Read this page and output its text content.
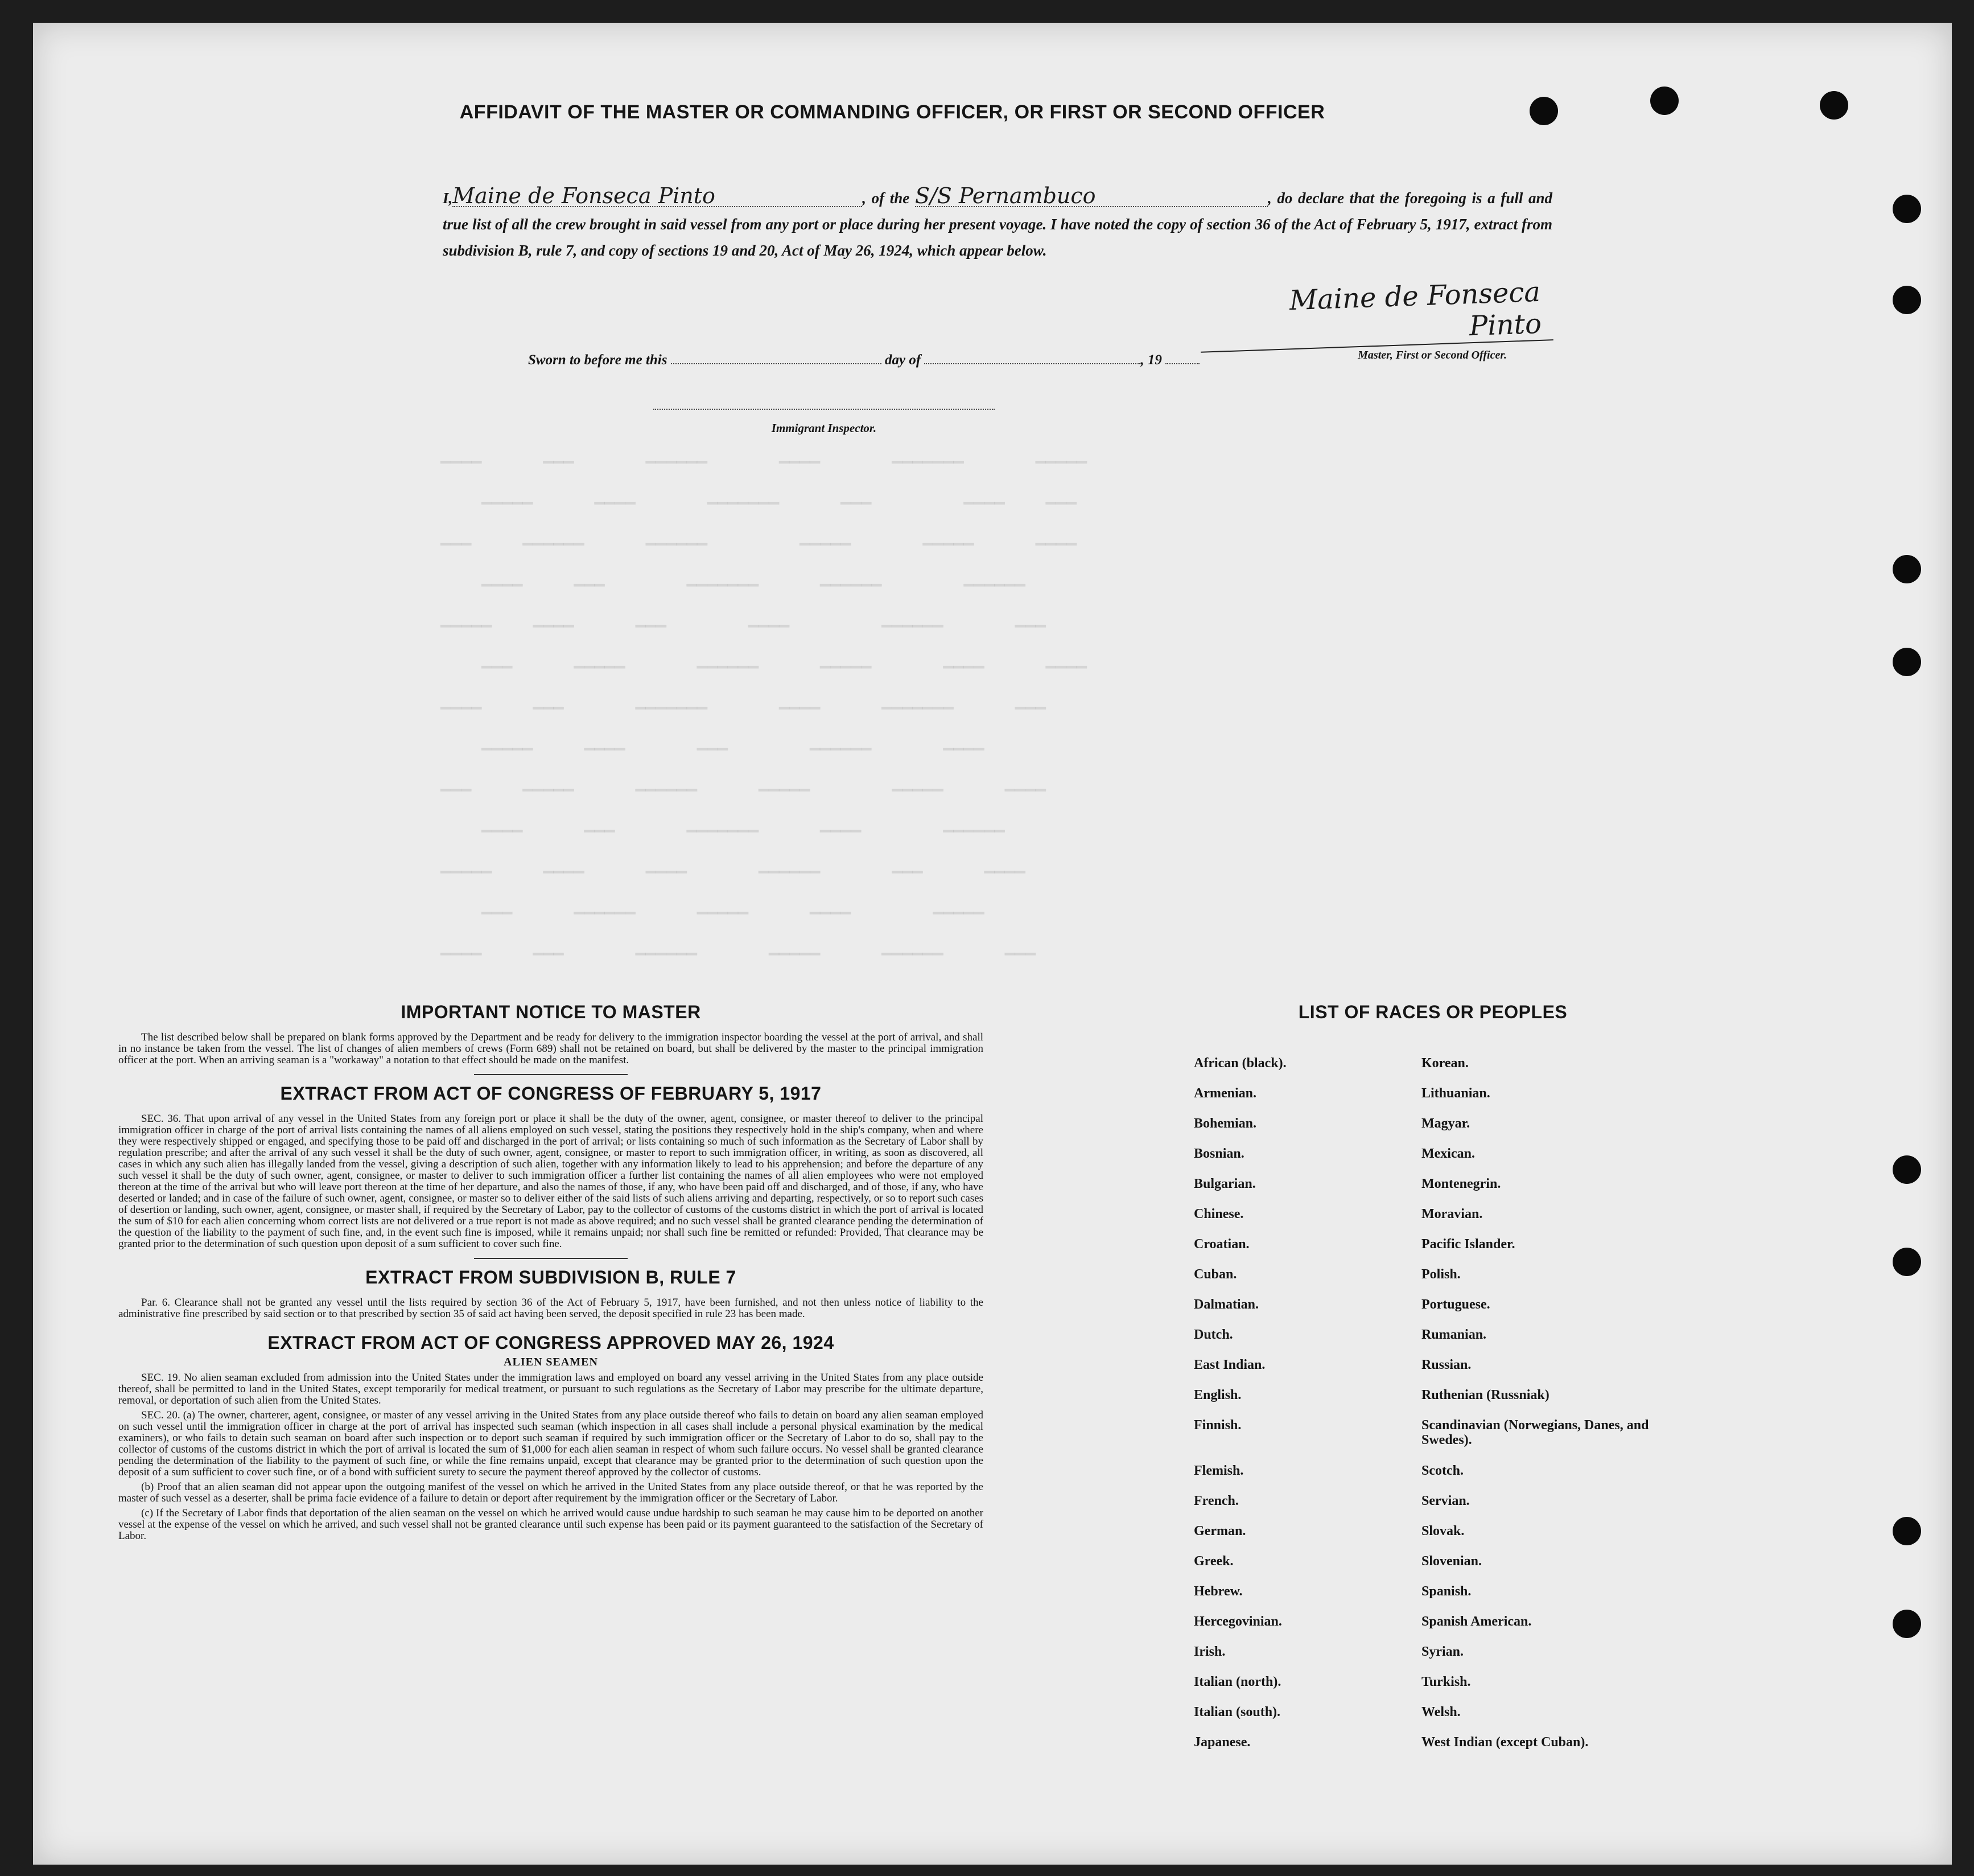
AFFIDAVIT OF THE MASTER OR COMMANDING OFFICER, OR FIRST OR SECOND OFFICER
I,Maine de Fonseca Pinto	, of the S/S Pernambuco	, do declare that the foregoing is a full and true list of all the crew brought in said vessel from any port or place during her present voyage. I have noted the copy of section 36 of the Act of February 5, 1917, extract from subdivision B, rule 7, and copy of sections 19 and 20, Act of May 26, 1924, which appear below.
Maine de Fonseca Pinto
Master, First or Second Officer.
Sworn to before me this	day of	, 19
Immigrant Inspector.
▁▁▁▁      ▁▁▁       ▁▁▁▁▁▁       ▁▁▁▁       ▁▁▁▁▁▁▁       ▁▁▁▁▁
▁▁▁▁▁      ▁▁▁▁       ▁▁▁▁▁▁▁      ▁▁▁         ▁▁▁▁    ▁▁▁
▁▁▁     ▁▁▁▁▁▁      ▁▁▁▁▁▁         ▁▁▁▁▁       ▁▁▁▁▁      ▁▁▁▁
▁▁▁▁     ▁▁▁        ▁▁▁▁▁▁▁      ▁▁▁▁▁▁        ▁▁▁▁▁▁
▁▁▁▁▁    ▁▁▁▁      ▁▁▁        ▁▁▁▁         ▁▁▁▁▁▁       ▁▁▁
▁▁▁      ▁▁▁▁▁       ▁▁▁▁▁▁      ▁▁▁▁▁       ▁▁▁▁      ▁▁▁▁
▁▁▁▁     ▁▁▁       ▁▁▁▁▁▁▁       ▁▁▁▁      ▁▁▁▁▁▁▁      ▁▁▁
▁▁▁▁▁     ▁▁▁▁       ▁▁▁        ▁▁▁▁▁▁       ▁▁▁▁
▁▁▁     ▁▁▁▁▁      ▁▁▁▁▁▁      ▁▁▁▁▁        ▁▁▁▁▁      ▁▁▁▁
▁▁▁▁      ▁▁▁       ▁▁▁▁▁▁▁      ▁▁▁▁        ▁▁▁▁▁▁
▁▁▁▁▁     ▁▁▁▁      ▁▁▁▁       ▁▁▁▁▁▁       ▁▁▁      ▁▁▁▁
▁▁▁      ▁▁▁▁▁▁      ▁▁▁▁▁      ▁▁▁▁        ▁▁▁▁▁
▁▁▁▁     ▁▁▁       ▁▁▁▁▁▁       ▁▁▁▁▁      ▁▁▁▁▁▁      ▁▁▁
IMPORTANT NOTICE TO MASTER

The list described below shall be prepared on blank forms approved by the Department and be ready for delivery to the immigration inspector boarding the vessel at the port of arrival, and shall in no instance be taken from the vessel. The list of changes of alien members of crews (Form 689) shall not be retained on board, but shall be delivered by the master to the principal immigration officer at the port. When an arriving seaman is a "workaway" a notation to that effect should be made on the manifest.

EXTRACT FROM ACT OF CONGRESS OF FEBRUARY 5, 1917

SEC. 36. That upon arrival of any vessel in the United States from any foreign port or place it shall be the duty of the owner, agent, consignee, or master thereof to deliver to the principal immigration officer in charge of the port of arrival lists containing the names of all aliens employed on such vessel, stating the positions they respectively hold in the ship's company, when and where they were respectively shipped or engaged, and specifying those to be paid off and discharged in the port of arrival; or lists containing so much of such information as the Secretary of Labor shall by regulation prescribe; and after the arrival of any such vessel it shall be the duty of such owner, agent, consignee, or master to report to such immigration officer, in writing, as soon as discovered, all cases in which any such alien has illegally landed from the vessel, giving a description of such alien, together with any information likely to lead to his apprehension; and before the departure of any such vessel it shall be the duty of such owner, agent, consignee, or master to deliver to such immigration officer a further list containing the names of all alien employees who were not employed thereon at the time of the arrival but who will leave port thereon at the time of her departure, and also the names of those, if any, who have been paid off and discharged, and of those, if any, who have deserted or landed; and in case of the failure of such owner, agent, consignee, or master so to deliver either of the said lists of such aliens arriving and departing, respectively, or so to report such cases of desertion or landing, such owner, agent, consignee, or master shall, if required by the Secretary of Labor, pay to the collector of customs of the customs district in which the port of arrival is located the sum of $10 for each alien concerning whom correct lists are not delivered or a true report is not made as above required; and no such vessel shall be granted clearance pending the determination of the question of the liability to the payment of such fine, and, in the event such fine is imposed, while it remains unpaid; nor shall such fine be remitted or refunded: Provided, That clearance may be granted prior to the determination of such question upon deposit of a sum sufficient to cover such fine.

EXTRACT FROM SUBDIVISION B, RULE 7

Par. 6. Clearance shall not be granted any vessel until the lists required by section 36 of the Act of February 5, 1917, have been furnished, and not then unless notice of liability to the administrative fine prescribed by said section or to that prescribed by section 35 of said act having been served, the deposit specified in rule 23 has been made.

EXTRACT FROM ACT OF CONGRESS APPROVED MAY 26, 1924
ALIEN SEAMEN

SEC. 19. No alien seaman excluded from admission into the United States under the immigration laws and employed on board any vessel arriving in the United States from any place outside thereof, shall be permitted to land in the United States, except temporarily for medical treatment, or pursuant to such regulations as the Secretary of Labor may prescribe for the ultimate departure, removal, or deportation of such alien from the United States.

SEC. 20. (a) The owner, charterer, agent, consignee, or master of any vessel arriving in the United States from any place outside thereof who fails to detain on board any alien seaman employed on such vessel until the immigration officer in charge at the port of arrival has inspected such seaman (which inspection in all cases shall include a personal physical examination by the medical examiners), or who fails to detain such seaman on board after such inspection or to deport such seaman if required by such immigration officer or the Secretary of Labor to do so, shall pay to the collector of customs of the customs district in which the port of arrival is located the sum of $1,000 for each alien seaman in respect of whom such failure occurs. No vessel shall be granted clearance pending the determination of the liability to the payment of such fine, or while the fine remains unpaid, except that clearance may be granted prior to the determination of such question upon the deposit of a sum sufficient to cover such fine, or of a bond with sufficient surety to secure the payment thereof approved by the collector of customs.

(b) Proof that an alien seaman did not appear upon the outgoing manifest of the vessel on which he arrived in the United States from any place outside thereof, or that he was reported by the master of such vessel as a deserter, shall be prima facie evidence of a failure to detain or deport after requirement by the immigration officer or the Secretary of Labor.

(c) If the Secretary of Labor finds that deportation of the alien seaman on the vessel on which he arrived would cause undue hardship to such seaman he may cause him to be deported on another vessel at the expense of the vessel on which he arrived, and such vessel shall not be granted clearance until such expense has been paid or its payment guaranteed to the satisfaction of the Secretary of Labor.

LIST OF RACES OR PEOPLES
African (black).	Korean.
Armenian.	Lithuanian.
Bohemian.	Magyar.
Bosnian.	Mexican.
Bulgarian.	Montenegrin.
Chinese.	Moravian.
Croatian.	Pacific Islander.
Cuban.	Polish.
Dalmatian.	Portuguese.
Dutch.	Rumanian.
East Indian.	Russian.
English.	Ruthenian (Russniak)
Finnish.	Scandinavian (Norwegians, Danes, and Swedes).
Flemish.	Scotch.
French.	Servian.
German.	Slovak.
Greek.	Slovenian.
Hebrew.	Spanish.
Hercegovinian.	Spanish American.
Irish.	Syrian.
Italian (north).	Turkish.
Italian (south).	Welsh.
Japanese.	West Indian (except Cuban).
